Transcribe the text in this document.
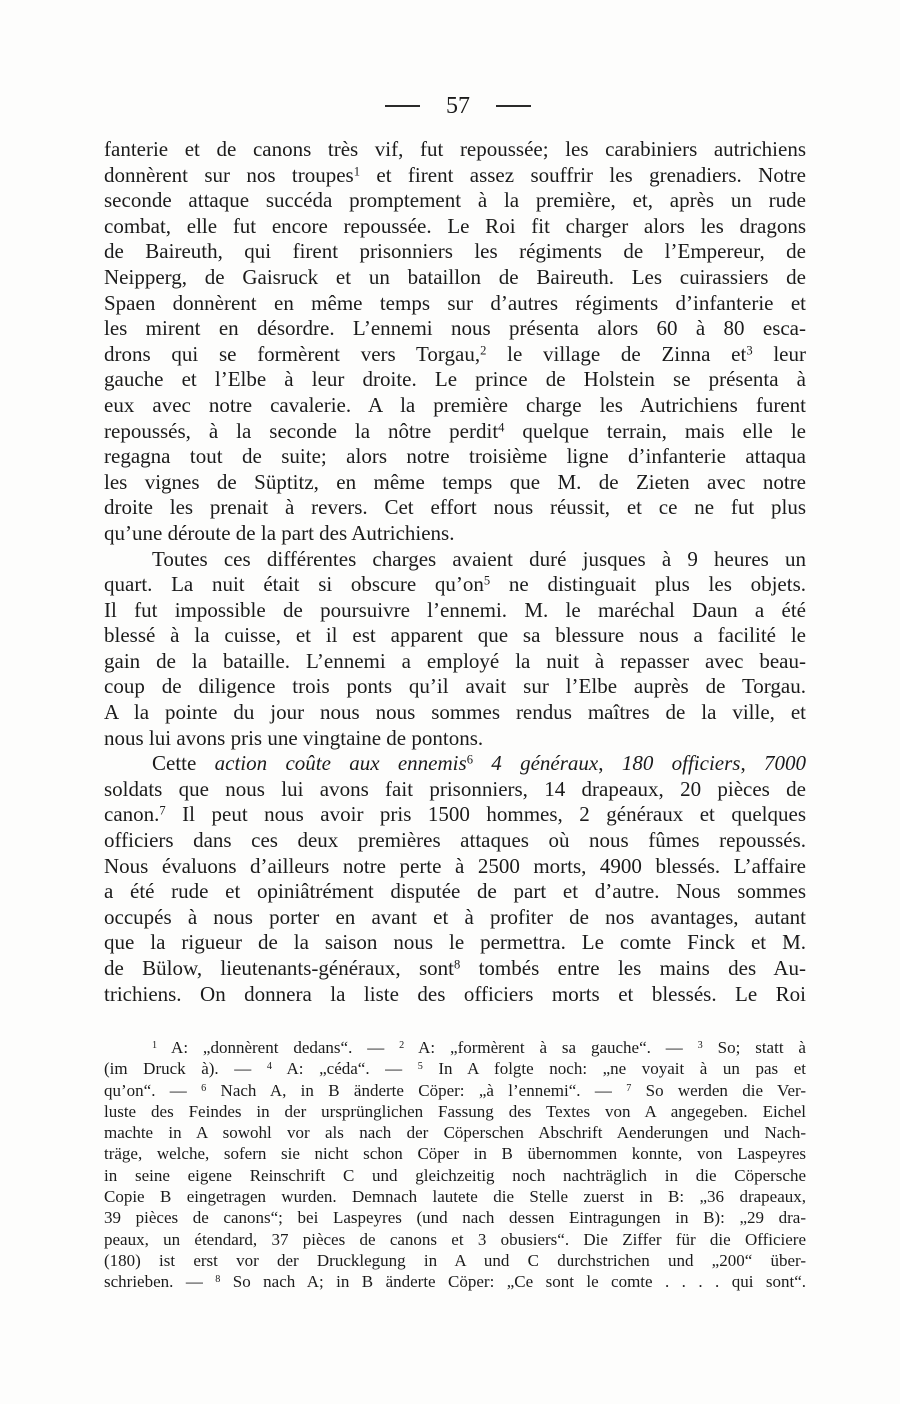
57
fanterie et de canons très vif, fut repoussée; les carabiniers autrichiens
donnèrent sur nos troupes$^1$ et firent assez souffrir les grenadiers. Notre
seconde attaque succéda promptement à la première, et, après un rude
combat, elle fut encore repoussée. Le Roi fit charger alors les dragons
de Baireuth, qui firent prisonniers les régiments de l’Empereur, de
Neipperg, de Gaisruck et un bataillon de Baireuth. Les cuirassiers de
Spaen donnèrent en même temps sur d’autres régiments d’infanterie et
les mirent en désordre. L’ennemi nous présenta alors 60 à 80 esca-
drons qui se formèrent vers Torgau,$^2$ le village de Zinna $et^3$ leur
gauche et l’Elbe à leur droite. Le prince de Holstein se présenta à
eux avec notre cavalerie. A la première charge les Autrichiens furent
repoussés, à la seconde la nôtre perdit$^4$ quelque terrain, mais elle le
regagna tout de suite; alors notre troisième ligne d’infanterie attaqua
les vignes de Süptitz, en même temps que M. de Zieten avec notre
droite les prenait à revers. Cet effort nous réussit, et ce ne fut plus
qu’une déroute de la part des Autrichiens.
Toutes ces différentes charges avaient duré jusques à 9 heures un
quart. La nuit était si obscure $qu’on^5$ ne distinguait plus les objets.
Il fut impossible de poursuivre l’ennemi. M. le maréchal Daun a été
blessé à la cuisse, et il est apparent que sa blessure nous a facilité le
gain de la bataille. L’ennemi a employé la nuit à repasser avec beau-
coup de diligence trois ponts qu’il avait sur l’Elbe auprès de Torgau.
A la pointe du jour nous nous sommes rendus maîtres de la ville, et
nous lui avons pris une vingtaine de pontons.
Cette action coûte aux ennemis$^6$ 4 généraux, 180 officiers, 7000
soldats que nous lui avons fait prisonniers, 14 drapeaux, 20 pièces de
canon.$^7$ Il peut nous avoir pris 1500 hommes, 2 généraux et quelques
officiers dans ces deux premières attaques où nous fûmes repoussés.
Nous évaluons d’ailleurs notre perte à 2500 morts, 4900 blessés. L’affaire
a été rude et opiniâtrément disputée de part et d’autre. Nous sommes
occupés à nous porter en avant et à profiter de nos avantages, autant
que la rigueur de la saison nous le permettra. Le comte Finck et M.
de Bülow, lieutenants-généraux, sont$^8$ tombés entre les mains des Au-
trichiens. On donnera la liste des officiers morts et blessés. Le Roi
$^1$ A: „donnèrent dedans“. — $^2$ A: „formèrent à sa gauche“. — $^3$ So; statt à
(im Druck à). — $^4$ A: „céda“. — $^5$ In A folgte noch: „ne voyait à un pas et
qu’on“. — $^6$ Nach A, in B änderte Cöper: „à l’ennemi“. — $^7$ So werden die Ver-
luste des Feindes in der ursprünglichen Fassung des Textes von A angegeben. Eichel
machte in A sowohl vor als nach der Cöperschen Abschrift Aenderungen und Nach-
träge, welche, sofern sie nicht schon Cöper in B übernommen konnte, von Laspeyres
in seine eigene Reinschrift C und gleichzeitig noch nachträglich in die Cöpersche
Copie B eingetragen wurden. Demnach lautete die Stelle zuerst in B: „36 drapeaux,
39 pièces de canons“; bei Laspeyres (und nach dessen Eintragungen in B): „29 dra-
peaux, un étendard, 37 pièces de canons et 3 obusiers“. Die Ziffer für die Officiere
(180) ist erst vor der Drucklegung in A und C durchstrichen und „200“ über-
schrieben. — $^8$ So nach A; in B änderte Cöper: „Ce sont le comte . . . . qui sont“.
